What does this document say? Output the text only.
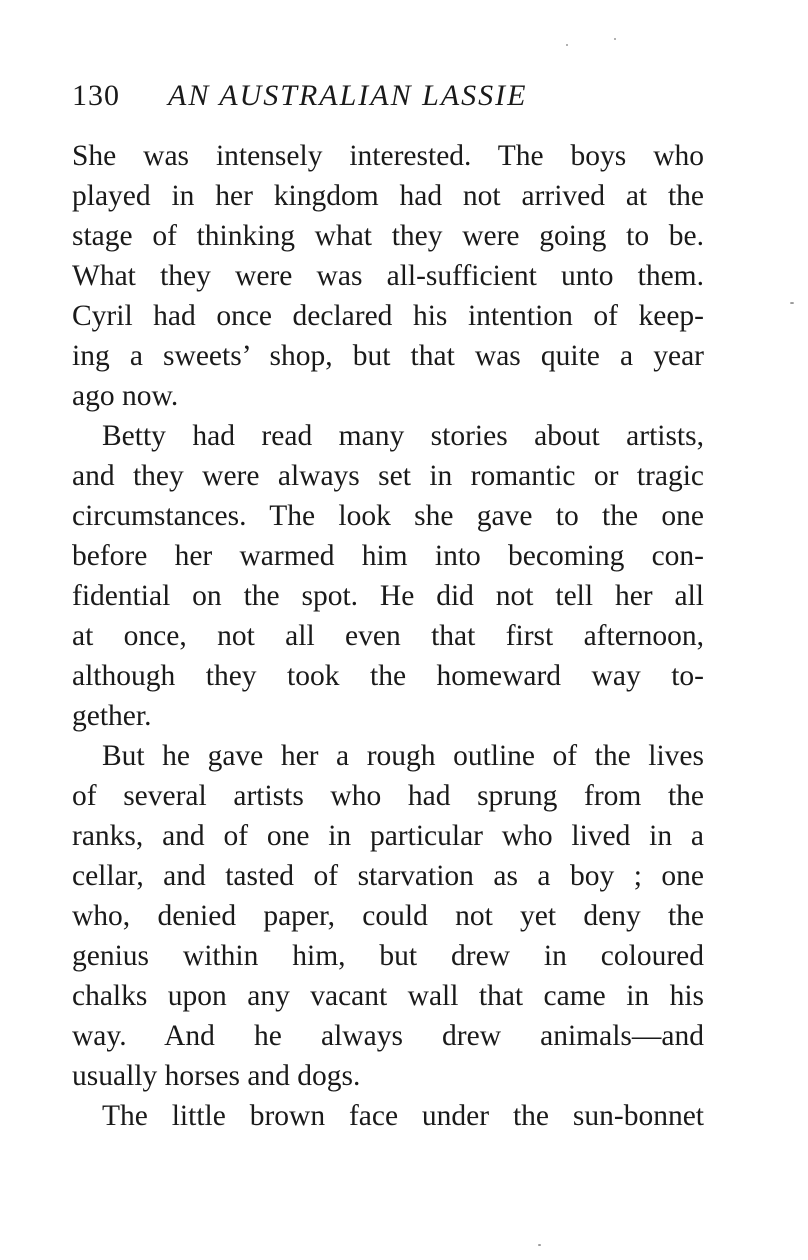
130 AN AUSTRALIAN LASSIE
She was intensely interested. The boys who
played in her kingdom had not arrived at the
stage of thinking what they were going to be.
What they were was all-sufficient unto them.
Cyril had once declared his intention of keep-
ing a sweets’ shop, but that was quite a year
ago now.
Betty had read many stories about artists,
and they were always set in romantic or tragic
circumstances. The look she gave to the one
before her warmed him into becoming con-
fidential on the spot. He did not tell her all
at once, not all even that first afternoon,
although they took the homeward way to-
gether.
But he gave her a rough outline of the lives
of several artists who had sprung from the
ranks, and of one in particular who lived in a
cellar, and tasted of starvation as a boy ; one
who, denied paper, could not yet deny the
genius within him, but drew in coloured
chalks upon any vacant wall that came in his
way. And he always drew animals—and
usually horses and dogs.
The little brown face under the sun-bonnet
